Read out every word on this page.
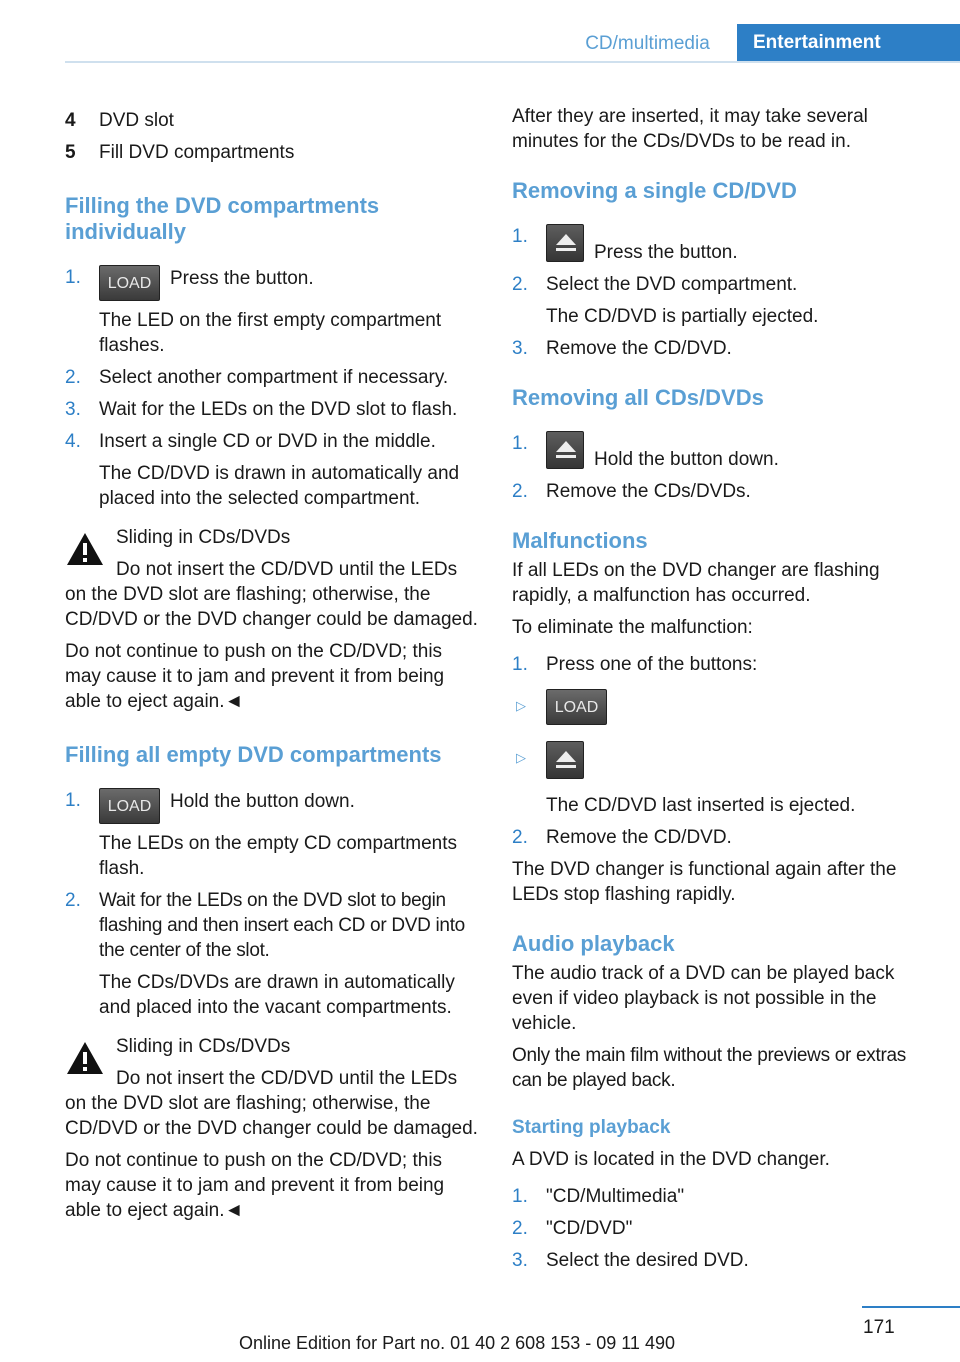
CD/multimedia	Entertainment
4 DVD slot
5 Fill DVD compartments
Filling the DVD compartments individually
1. LOAD Press the button.
The LED on the first empty compartment flashes.
2. Select another compartment if necessary.
3. Wait for the LEDs on the DVD slot to flash.
4. Insert a single CD or DVD in the middle.
The CD/DVD is drawn in automatically and placed into the selected compartment.
Sliding in CDs/DVDs
Do not insert the CD/DVD until the LEDs on the DVD slot are flashing; otherwise, the CD/DVD or the DVD changer could be damaged.
Do not continue to push on the CD/DVD; this may cause it to jam and prevent it from being able to eject again.◄
Filling all empty DVD compartments
1. LOAD Hold the button down.
The LEDs on the empty CD compartments flash.
2. Wait for the LEDs on the DVD slot to begin flashing and then insert each CD or DVD into the center of the slot.
The CDs/DVDs are drawn in automatically and placed into the vacant compartments.
Sliding in CDs/DVDs
Do not insert the CD/DVD until the LEDs on the DVD slot are flashing; otherwise, the CD/DVD or the DVD changer could be damaged.
Do not continue to push on the CD/DVD; this may cause it to jam and prevent it from being able to eject again.◄
After they are inserted, it may take several minutes for the CDs/DVDs to be read in.
Removing a single CD/DVD
1.
Press the button.
2. Select the DVD compartment.
The CD/DVD is partially ejected.
3. Remove the CD/DVD.
Removing all CDs/DVDs
1.
Hold the button down.
2. Remove the CDs/DVDs.
Malfunctions
If all LEDs on the DVD changer are flashing rapidly, a malfunction has occurred.
To eliminate the malfunction:
1. Press one of the buttons:
▷	LOAD
▷
The CD/DVD last inserted is ejected.
2. Remove the CD/DVD.
The DVD changer is functional again after the LEDs stop flashing rapidly.
Audio playback
The audio track of a DVD can be played back even if video playback is not possible in the vehicle.
Only the main film without the previews or extras can be played back.
Starting playback
A DVD is located in the DVD changer.
1. "CD/Multimedia"
2. "CD/DVD"
3. Select the desired DVD.
171
Online Edition for Part no. 01 40 2 608 153 - 09 11 490
